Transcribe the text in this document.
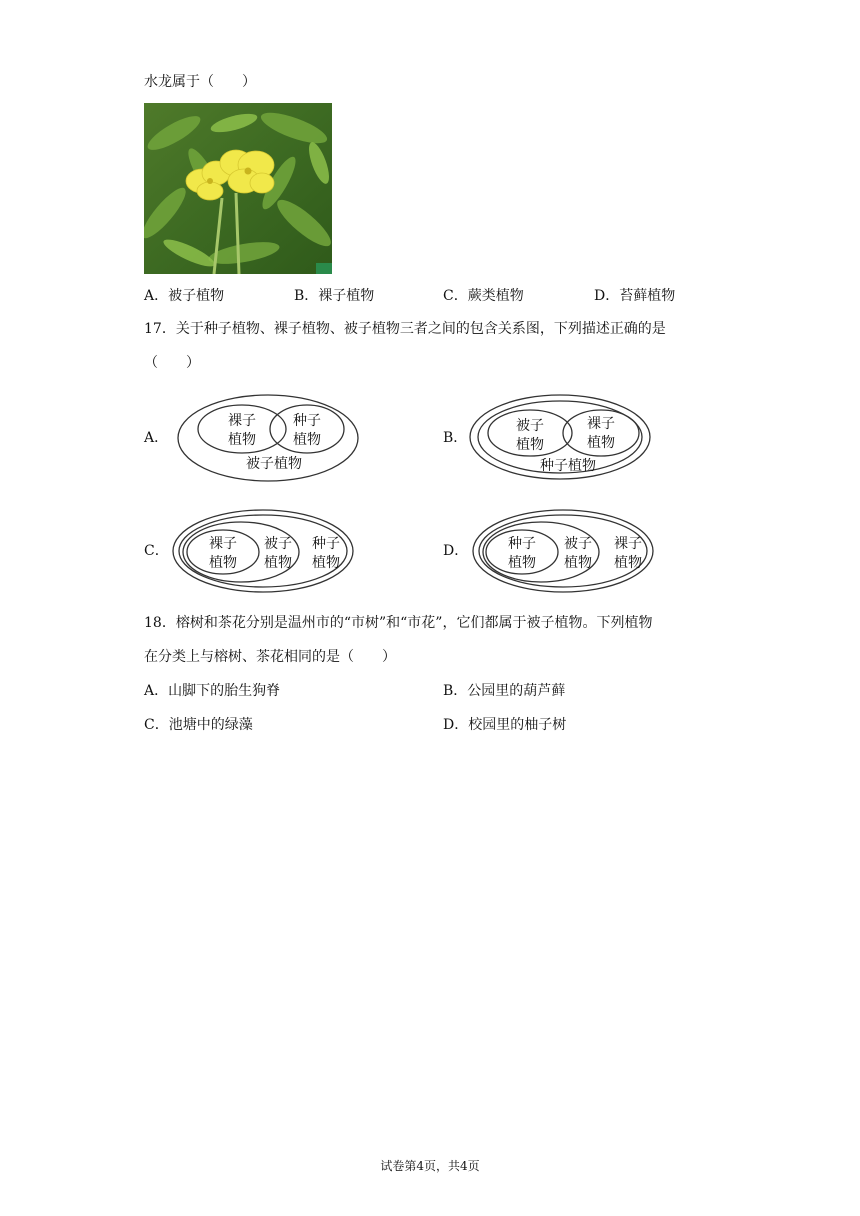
水龙属于（　　）
A．被子植物	B．裸子植物	C．蕨类植物	D．苔藓植物
17．关于种子植物、裸子植物、被子植物三者之间的包含关系图，下列描述正确的是
（　　）
A．
裸子
植物
种子
植物
被子植物
B．
被子
植物
裸子
植物
种子植物
C．	裸子
植物
被子
植物
种子
植物
D．	种子
植物
被子
植物
裸子
植物
18．榕树和茶花分别是温州市的“市树”和“市花”，它们都属于被子植物。下列植物
在分类上与榕树、茶花相同的是（　　）
A．山脚下的胎生狗脊	B．公园里的葫芦藓
C．池塘中的绿藻	D．校园里的柚子树
试卷第4页，共4页
